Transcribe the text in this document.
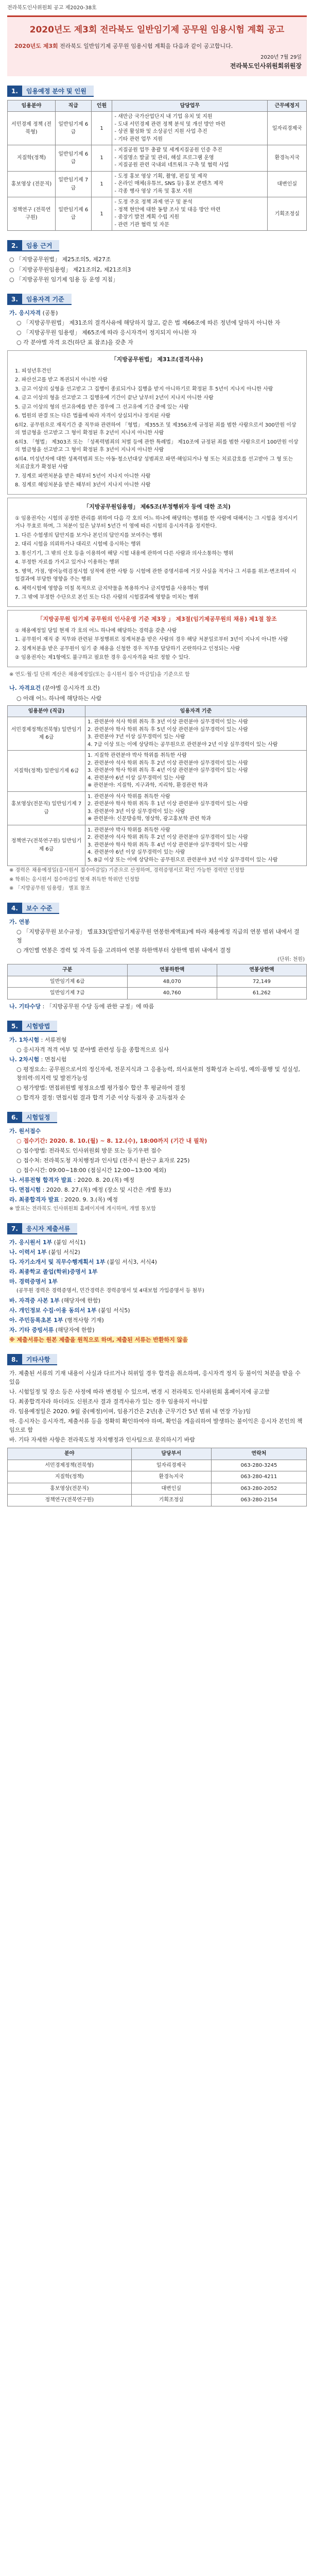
전라북도인사위원회 공고 제2020-38호
2020년도 제3회 전라북도 일반임기제 공무원 임용시험 계획 공고
2020년도 제3회 전라북도 일반임기제 공무원 임용시험 계획을 다음과 같이 공고합니다.
2020년 7월 29일
전라북도인사위원회위원장
1.	임용예정 분야 및 인원
임용분야	직급	인원	담당업무	근무예정지
서민경제 정책 (전북형)	일반임기제 6급	1	- 새만금 국가산업단지 내 기업 유치 및 지원
- 도내 서민경제 관련 정책 분석 및 개선 방안 마련
- 상권 활성화 및 소상공인 지원 사업 추진
- 기타 관련 업무 지원	일자리경제국
지질학(정책)	일반임기제 6급	1	- 지질공원 업무 총괄 및 세계지질공원 인증 추진
- 지질명소 발굴 및 관리, 해설 프로그램 운영
- 지질공원 관련 국내외 네트워크 구축 및 협력 사업	환경녹지국
홍보영상 (전문직)	일반임기제 7급	1	- 도정 홍보 영상 기획, 촬영, 편집 및 제작
- 온라인 매체(유튜브, SNS 등) 홍보 콘텐츠 제작
- 각종 행사 영상 기록 및 홍보 지원	대변인실
정책연구 (전북연구원)	일반임기제 6급	1	- 도정 주요 정책 과제 연구 및 분석
- 정책 현안에 대한 동향 조사 및 대응 방안 마련
- 중장기 발전 계획 수립 지원
- 관련 기관 협력 및 자문	기획조정실
2.	임용 근거
○ 「지방공무원법」 제25조의5, 제27조
○ 「지방공무원임용령」 제21조의2, 제21조의3
○ 「지방공무원 임기제 임용 등 운영 지침」
3.	임용자격 기준
가. 응시자격 (공통)
○ 「지방공무원법」 제31조의 결격사유에 해당하지 않고, 같은 법 제66조에 따른 정년에 달하지 아니한 자
○ 「지방공무원 임용령」 제65조에 따라 응시자격이 정지되지 아니한 자
○ 각 분야별 자격 요건(하단 표 참조)을 갖춘 자
「지방공무원법」 제31조(결격사유)
1. 피성년후견인
2. 파산선고를 받고 복권되지 아니한 사람
3. 금고 이상의 실형을 선고받고 그 집행이 종료되거나 집행을 받지 아니하기로 확정된 후 5년이 지나지 아니한 사람
4. 금고 이상의 형을 선고받고 그 집행유예 기간이 끝난 날부터 2년이 지나지 아니한 사람
5. 금고 이상의 형의 선고유예를 받은 경우에 그 선고유예 기간 중에 있는 사람
6. 법원의 판결 또는 다른 법률에 따라 자격이 상실되거나 정지된 사람
6의2. 공무원으로 재직기간 중 직무와 관련하여 「형법」 제355조 및 제356조에 규정된 죄를 범한 사람으로서 300만원 이상의 벌금형을 선고받고 그 형이 확정된 후 2년이 지나지 아니한 사람
6의3. 「형법」 제303조 또는 「성폭력범죄의 처벌 등에 관한 특례법」 제10조에 규정된 죄를 범한 사람으로서 100만원 이상의 벌금형을 선고받고 그 형이 확정된 후 3년이 지나지 아니한 사람
6의4. 미성년자에 대한 성폭력범죄 또는 아동·청소년대상 성범죄로 파면·해임되거나 형 또는 치료감호를 선고받아 그 형 또는 치료감호가 확정된 사람
7. 징계로 파면처분을 받은 때부터 5년이 지나지 아니한 사람
8. 징계로 해임처분을 받은 때부터 3년이 지나지 아니한 사람
「지방공무원임용령」 제65조(부정행위자 등에 대한 조치)
① 임용권자는 시험의 공정한 관리를 위하여 다음 각 호의 어느 하나에 해당하는 행위를 한 사람에 대해서는 그 시험을 정지시키거나 무효로 하며, 그 처분이 있은 날부터 5년간 이 영에 따른 시험의 응시자격을 정지한다.
1. 다른 수험생의 답안지를 보거나 본인의 답안지를 보여주는 행위
2. 대리 시험을 의뢰하거나 대리로 시험에 응시하는 행위
3. 통신기기, 그 밖의 신호 등을 이용하여 해당 시험 내용에 관하여 다른 사람과 의사소통하는 행위
4. 부정한 자료를 가지고 있거나 이용하는 행위
5. 병역, 가점, 영어능력검정시험 성적에 관한 사항 등 시험에 관한 증명서류에 거짓 사실을 적거나 그 서류를 위조·변조하여 시험결과에 부당한 영향을 주는 행위
6. 체력시험에 영향을 미칠 목적으로 금지약물을 복용하거나 금지방법을 사용하는 행위
7. 그 밖에 부정한 수단으로 본인 또는 다른 사람의 시험결과에 영향을 미치는 행위
「지방공무원 임기제 공무원의 인사운영 기준 제3장 」 제3절(임기제공무원의 채용) 제1절 참조
① 채용예정일 당일 현재 각 호의 어느 하나에 해당하는 경력을 갖춘 사람
1. 공무원이 재직 중 직무와 관련된 부정행위로 징계처분을 받은 사람의 경우 해당 처분일로부터 3년이 지나지 아니한 사람
2. 징계처분을 받은 공무원이 임기 중 채용을 신청한 경우 직무를 담당하기 곤란하다고 인정되는 사람
② 임용권자는 제1항에도 불구하고 필요한 경우 응시자격을 따로 정할 수 있다.
※ 연도·월·일 단위 계산은 채용예정일(또는 응시원서 접수 마감일)을 기준으로 함
나. 자격요건 (분야별 응시자격 요건)
○ 아래 어느 하나에 해당하는 사람
임용분야 (직급)	임용자격 기준
서민경제정책(전북형) 일반임기제 6급	1. 관련분야 석사 학위 취득 후 3년 이상 관련분야 실무경력이 있는 사람
2. 관련분야 학사 학위 취득 후 5년 이상 관련분야 실무경력이 있는 사람
3. 관련분야 7년 이상 실무경력이 있는 사람
4. 7급 이상 또는 이에 상당하는 공무원으로 관련분야 2년 이상 실무경력이 있는 사람

지질학(정책) 일반임기제 6급	1. 지질학 관련분야 박사 학위를 취득한 사람
2. 관련분야 석사 학위 취득 후 2년 이상 관련분야 실무경력이 있는 사람
3. 관련분야 학사 학위 취득 후 4년 이상 관련분야 실무경력이 있는 사람
4. 관련분야 6년 이상 실무경력이 있는 사람
※ 관련분야: 지질학, 지구과학, 지리학, 환경관련 학과

홍보영상(전문직) 일반임기제 7급	1. 관련분야 석사 학위를 취득한 사람
2. 관련분야 학사 학위 취득 후 1년 이상 관련분야 실무경력이 있는 사람
3. 관련분야 3년 이상 실무경력이 있는 사람
※ 관련분야: 신문방송학, 영상학, 광고홍보학 관련 학과

정책연구(전북연구원) 일반임기제 6급	1. 관련분야 박사 학위를 취득한 사람
2. 관련분야 석사 학위 취득 후 2년 이상 관련분야 실무경력이 있는 사람
3. 관련분야 학사 학위 취득 후 4년 이상 관련분야 실무경력이 있는 사람
4. 관련분야 6년 이상 실무경력이 있는 사람
5. 8급 이상 또는 이에 상당하는 공무원으로 관련분야 3년 이상 실무경력이 있는 사람
※ 경력은 채용예정일(응시원서 접수마감일) 기준으로 산정하며, 경력증명서로 확인 가능한 경력만 인정함
※ 학위는 응시원서 접수마감일 현재 취득한 학위만 인정함
※ 「지방공무원 임용령」 별표 참조
4.	보수 수준
가. 연봉
○ 「지방공무원 보수규정」 별표33(일반임기제공무원 연봉한계액표)에 따라 채용예정 직급의 연봉 범위 내에서 결정
○ 개인별 연봉은 경력 및 자격 등을 고려하여 연봉 하한액부터 상한액 범위 내에서 결정
(단위: 천원)
구분	연봉하한액	연봉상한액
일반임기제 6급	48,070	72,149
일반임기제 7급	40,760	61,262
나. 기타수당 : 「지방공무원 수당 등에 관한 규정」에 따름
5.	시험방법
가. 1차시험 : 서류전형
○ 응시자격 적격 여부 및 분야별 관련성 등을 종합적으로 심사
나. 2차시험 : 면접시험
○ 평정요소: 공무원으로서의 정신자세, 전문지식과 그 응용능력, 의사표현의 정확성과 논리성, 예의·품행 및 성실성, 창의력·의지력 및 발전가능성
○ 평가방법: 면접위원별 평정요소별 평가점수 합산 후 평균하여 결정
○ 합격자 결정: 면접시험 결과 합격 기준 이상 득점자 중 고득점자 순
6.	시험일정
가. 원서접수
○ 접수기간: 2020. 8. 10.(월) ~ 8. 12.(수), 18:00까지 (기간 내 필착)
○ 접수방법: 전라북도 인사위원회 방문 또는 등기우편 접수
○ 접수처: 전라북도청 자치행정과 인사팀 (전주시 완산구 효자로 225)
○ 접수시간: 09:00~18:00 (점심시간 12:00~13:00 제외)
나. 서류전형 합격자 발표 : 2020. 8. 20.(목) 예정
다. 면접시험 : 2020. 8. 27.(목) 예정 (장소 및 시간은 개별 통보)
라. 최종합격자 발표 : 2020. 9. 3.(목) 예정
※ 발표는 전라북도 인사위원회 홈페이지에 게시하며, 개별 통보함
7.	응시자 제출서류
가. 응시원서 1부 (붙임 서식1)
나. 이력서 1부 (붙임 서식2)
다. 자기소개서 및 직무수행계획서 1부 (붙임 서식3, 서식4)
라. 최종학교 졸업(학위)증명서 1부
마. 경력증명서 1부
(공무원 경력은 경력증명서, 민간경력은 경력증명서 및 4대보험 가입증명서 등 첨부)
바. 자격증 사본 1부 (해당자에 한함)
사. 개인정보 수집·이용 동의서 1부 (붙임 서식5)
아. 주민등록초본 1부 (병적사항 기재)
자. 기타 증빙서류 (해당자에 한함)
※ 제출서류는 원본 제출을 원칙으로 하며, 제출된 서류는 반환하지 않음
8.	기타사항
가. 제출된 서류의 기재 내용이 사실과 다르거나 허위일 경우 합격을 취소하며, 응시자격 정지 등 불이익 처분을 받을 수 있음
나. 시험일정 및 장소 등은 사정에 따라 변경될 수 있으며, 변경 시 전라북도 인사위원회 홈페이지에 공고함
다. 최종합격자라 하더라도 신원조사 결과 결격사유가 있는 경우 임용하지 아니함
라. 임용예정일은 2020. 9월 중(예정)이며, 임용기간은 2년(총 근무기간 5년 범위 내 연장 가능)임
마. 응시자는 응시자격, 제출서류 등을 정확히 확인하여야 하며, 확인을 게을리하여 발생하는 불이익은 응시자 본인의 책임으로 함
바. 기타 자세한 사항은 전라북도청 자치행정과 인사팀으로 문의하시기 바람
분야	담당부서	연락처
서민경제정책(전북형)	일자리경제국	063-280-3245
지질학(정책)	환경녹지국	063-280-4211
홍보영상(전문직)	대변인실	063-280-2052
정책연구(전북연구원)	기획조정실	063-280-2154
